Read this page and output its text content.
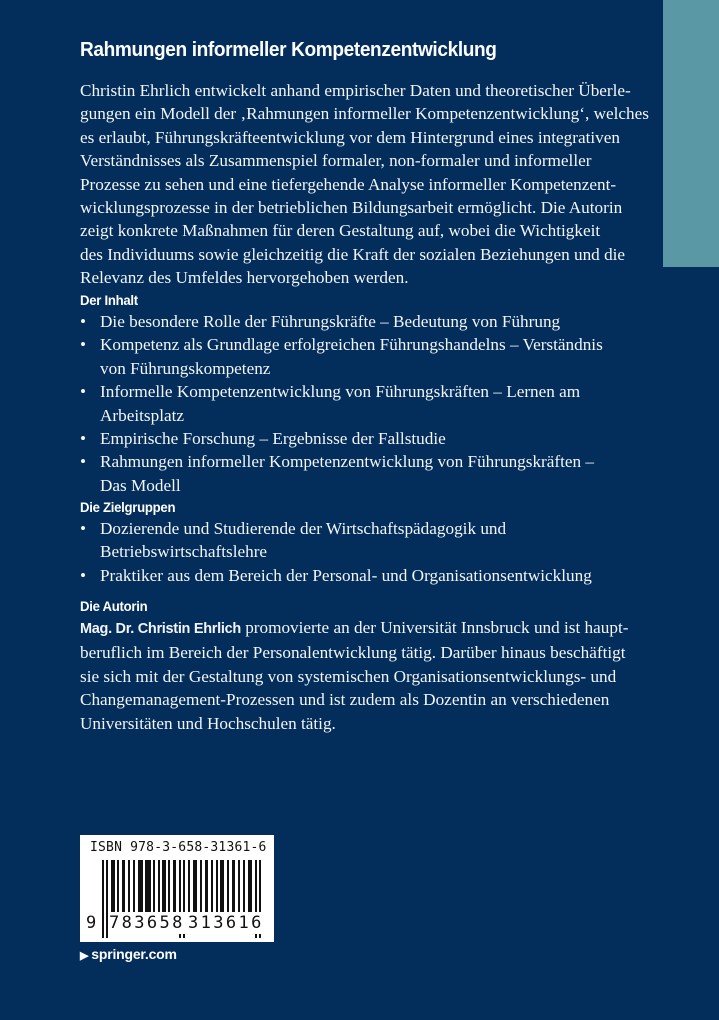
Rahmungen informeller Kompetenzentwicklung
Christin Ehrlich entwickelt anhand empirischer Daten und theoretischer Überle-
gungen ein Modell der ‚Rahmungen informeller Kompetenzentwicklung‘, welches
es erlaubt, Führungskräfteentwicklung vor dem Hintergrund eines integrativen
Verständnisses als Zusammenspiel formaler, non-formaler und informeller
Prozesse zu sehen und eine tiefergehende Analyse informeller Kompetenzent-
wicklungsprozesse in der betrieblichen Bildungsarbeit ermöglicht. Die Autorin
zeigt konkrete Maßnahmen für deren Gestaltung auf, wobei die Wichtigkeit
des Individuums sowie gleichzeitig die Kraft der sozialen Beziehungen und die
Relevanz des Umfeldes hervorgehoben werden.
Der Inhalt
• Die besondere Rolle der Führungskräfte – Bedeutung von Führung
• Kompetenz als Grundlage erfolgreichen Führungshandelns – Verständnis
von Führungskompetenz
• Informelle Kompetenzentwicklung von Führungskräften – Lernen am
Arbeitsplatz
• Empirische Forschung – Ergebnisse der Fallstudie
• Rahmungen informeller Kompetenzentwicklung von Führungskräften –
Das Modell
Die Zielgruppen
• Dozierende und Studierende der Wirtschaftspädagogik und
Betriebswirtschaftslehre
• Praktiker aus dem Bereich der Personal- und Organisationsentwicklung
Die Autorin
Mag. Dr. Christin Ehrlich promovierte an der Universität Innsbruck und ist haupt-
beruflich im Bereich der Personalentwicklung tätig. Darüber hinaus beschäftigt
sie sich mit der Gestaltung von systemischen Organisationsentwicklungs- und
Changemanagement-Prozessen und ist zudem als Dozentin an verschiedenen
Universitäten und Hochschulen tätig.
ISBN 978-3-658-31361-6
9 783658 313616
▶ springer.com
